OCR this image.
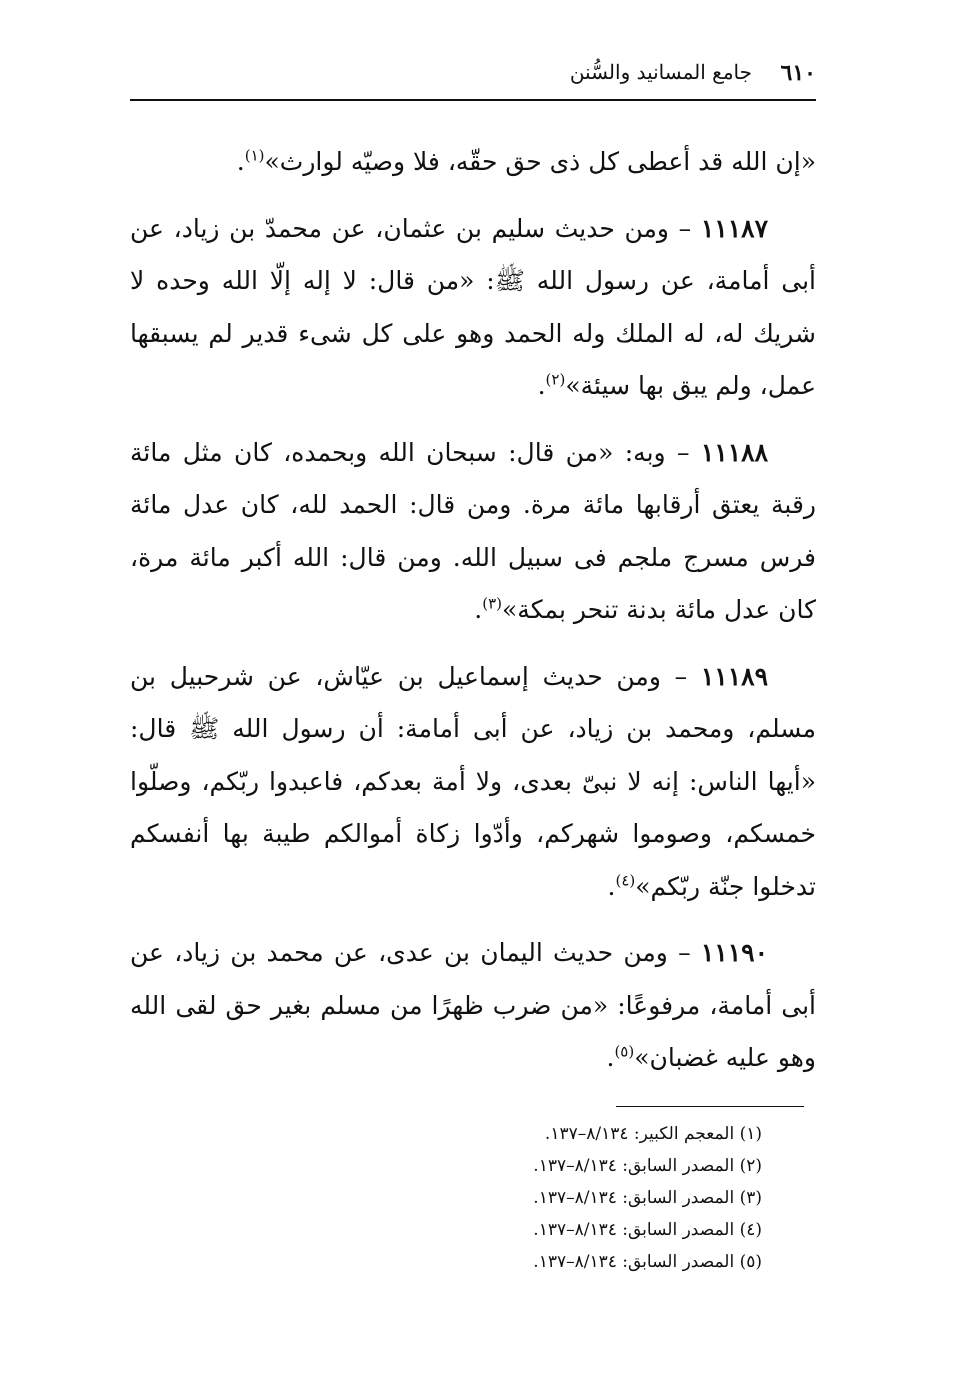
٦١٠
جامع المسانيد والسُّنن

«إن الله قد أعطى كل ذى حق حقّه، فلا وصيّه لوارث»$^{(١)}$.

١١١٨٧ – ومن حديث سليم بن عثمان، عن محمدّ بن زياد، عن أبى أمامة، عن رسول الله ﷺ: «من قال: لا إله إلّا الله وحده لا شريك له، له الملك وله الحمد وهو على كل شىء قدير لم يسبقها عمل، ولم يبق بها سيئة»$^{(٢)}$.

١١١٨٨ – وبه: «من قال: سبحان الله وبحمده، كان مثل مائة رقبة يعتق أرقابها مائة مرة. ومن قال: الحمد لله، كان عدل مائة فرس مسرج ملجم فى سبيل الله. ومن قال: الله أكبر مائة مرة، كان عدل مائة بدنة تنحر بمكة»$^{(٣)}$.

١١١٨٩ – ومن حديث إسماعيل بن عيّاش، عن شرحبيل بن مسلم، ومحمد بن زياد، عن أبى أمامة: أن رسول الله ﷺ قال: «أيها الناس: إنه لا نبىّ بعدى، ولا أمة بعدكم، فاعبدوا ربّكم، وصلّوا خمسكم، وصوموا شهركم، وأدّوا زكاة أموالكم طيبة بها أنفسكم تدخلوا جنّة ربّكم»$^{(٤)}$.

١١١٩٠ – ومن حديث اليمان بن عدى، عن محمد بن زياد، عن أبى أمامة، مرفوعًا: «من ضرب ظهرًا من مسلم بغير حق لقى الله وهو عليه غضبان»$^{(٥)}$.

(١) المعجم الكبير: ٨/١٣٤–١٣٧.
(٢) المصدر السابق: ٨/١٣٤–١٣٧.
(٣) المصدر السابق: ٨/١٣٤–١٣٧.
(٤) المصدر السابق: ٨/١٣٤–١٣٧.
(٥) المصدر السابق: ٨/١٣٤–١٣٧.
